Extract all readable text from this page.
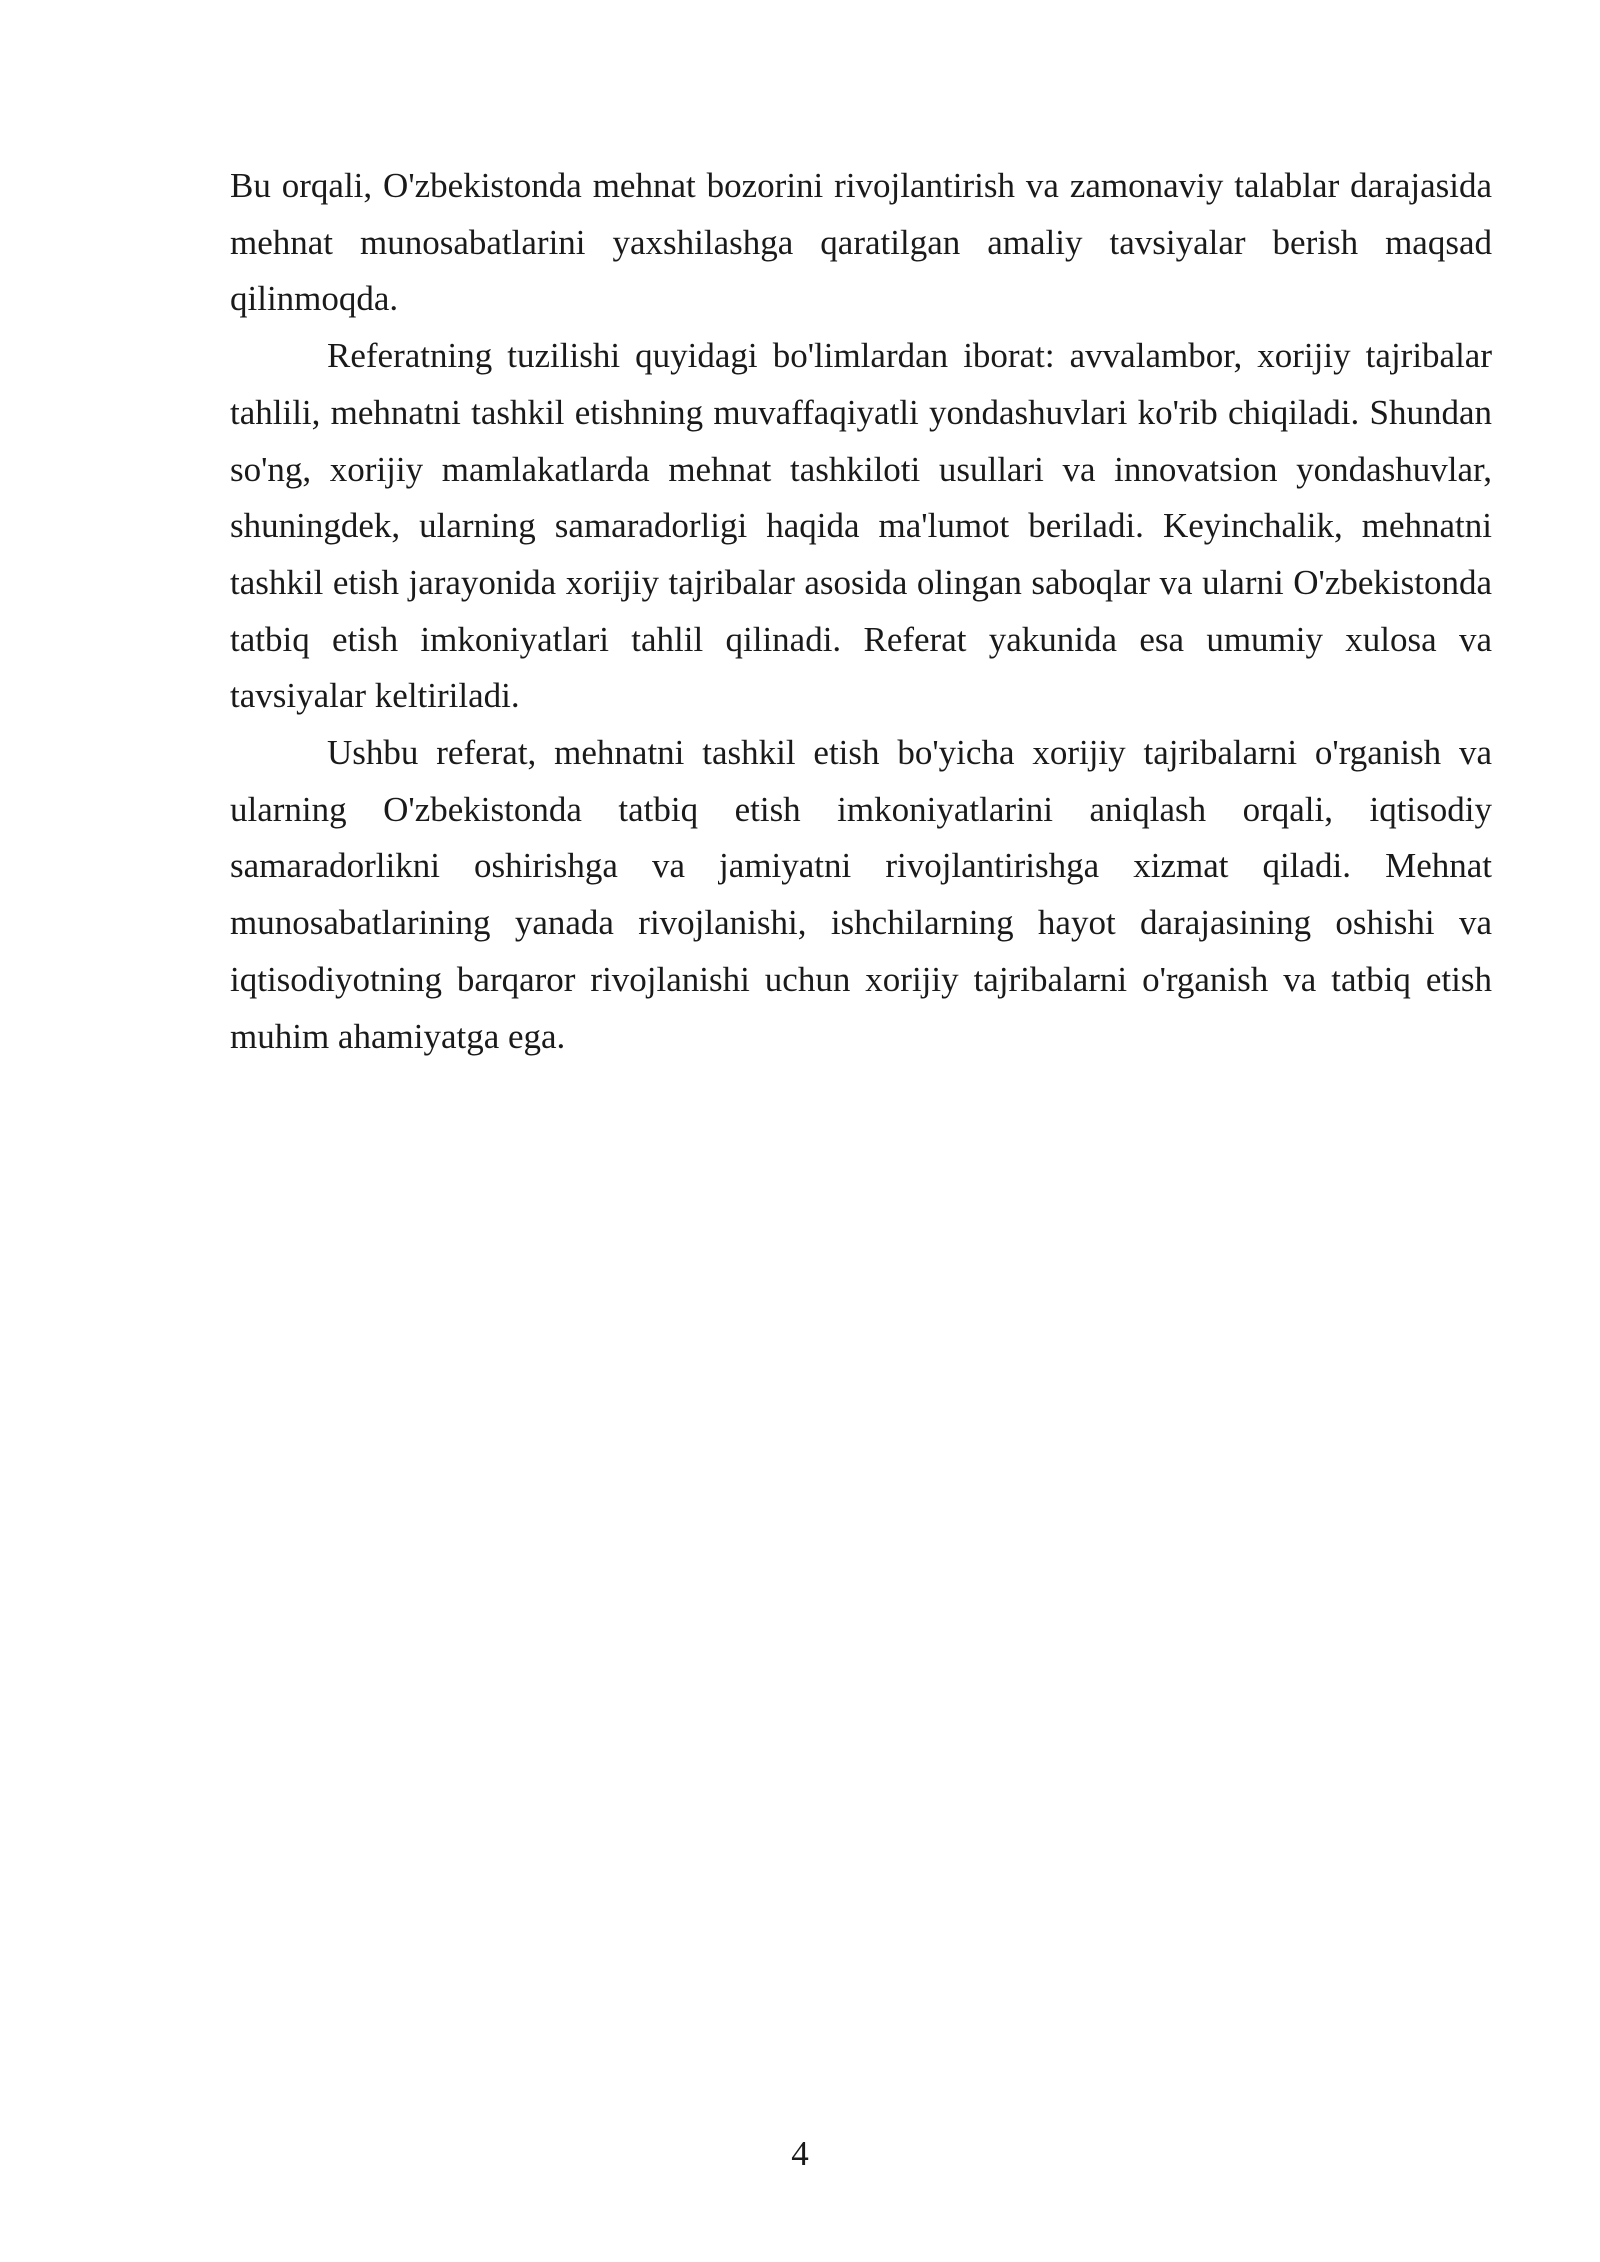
Bu orqali, O'zbekistonda mehnat bozorini rivojlantirish va zamonaviy talablar darajasida mehnat munosabatlarini yaxshilashga qaratilgan amaliy tavsiyalar berish maqsad qilinmoqda.

Referatning tuzilishi quyidagi bo'limlardan iborat: avvalambor, xorijiy tajribalar tahlili, mehnatni tashkil etishning muvaffaqiyatli yondashuvlari ko'rib chiqiladi. Shundan so'ng, xorijiy mamlakatlarda mehnat tashkiloti usullari va innovatsion yondashuvlar, shuningdek, ularning samaradorligi haqida ma'lumot beriladi. Keyinchalik, mehnatni tashkil etish jarayonida xorijiy tajribalar asosida olingan saboqlar va ularni O'zbekistonda tatbiq etish imkoniyatlari tahlil qilinadi. Referat yakunida esa umumiy xulosa va tavsiyalar keltiriladi.

Ushbu referat, mehnatni tashkil etish bo'yicha xorijiy tajribalarni o'rganish va ularning O'zbekistonda tatbiq etish imkoniyatlarini aniqlash orqali, iqtisodiy samaradorlikni oshirishga va jamiyatni rivojlantirishga xizmat qiladi. Mehnat munosabatlarining yanada rivojlanishi, ishchilarning hayot darajasining oshishi va iqtisodiyotning barqaror rivojlanishi uchun xorijiy tajribalarni o'rganish va tatbiq etish muhim ahamiyatga ega.

4
